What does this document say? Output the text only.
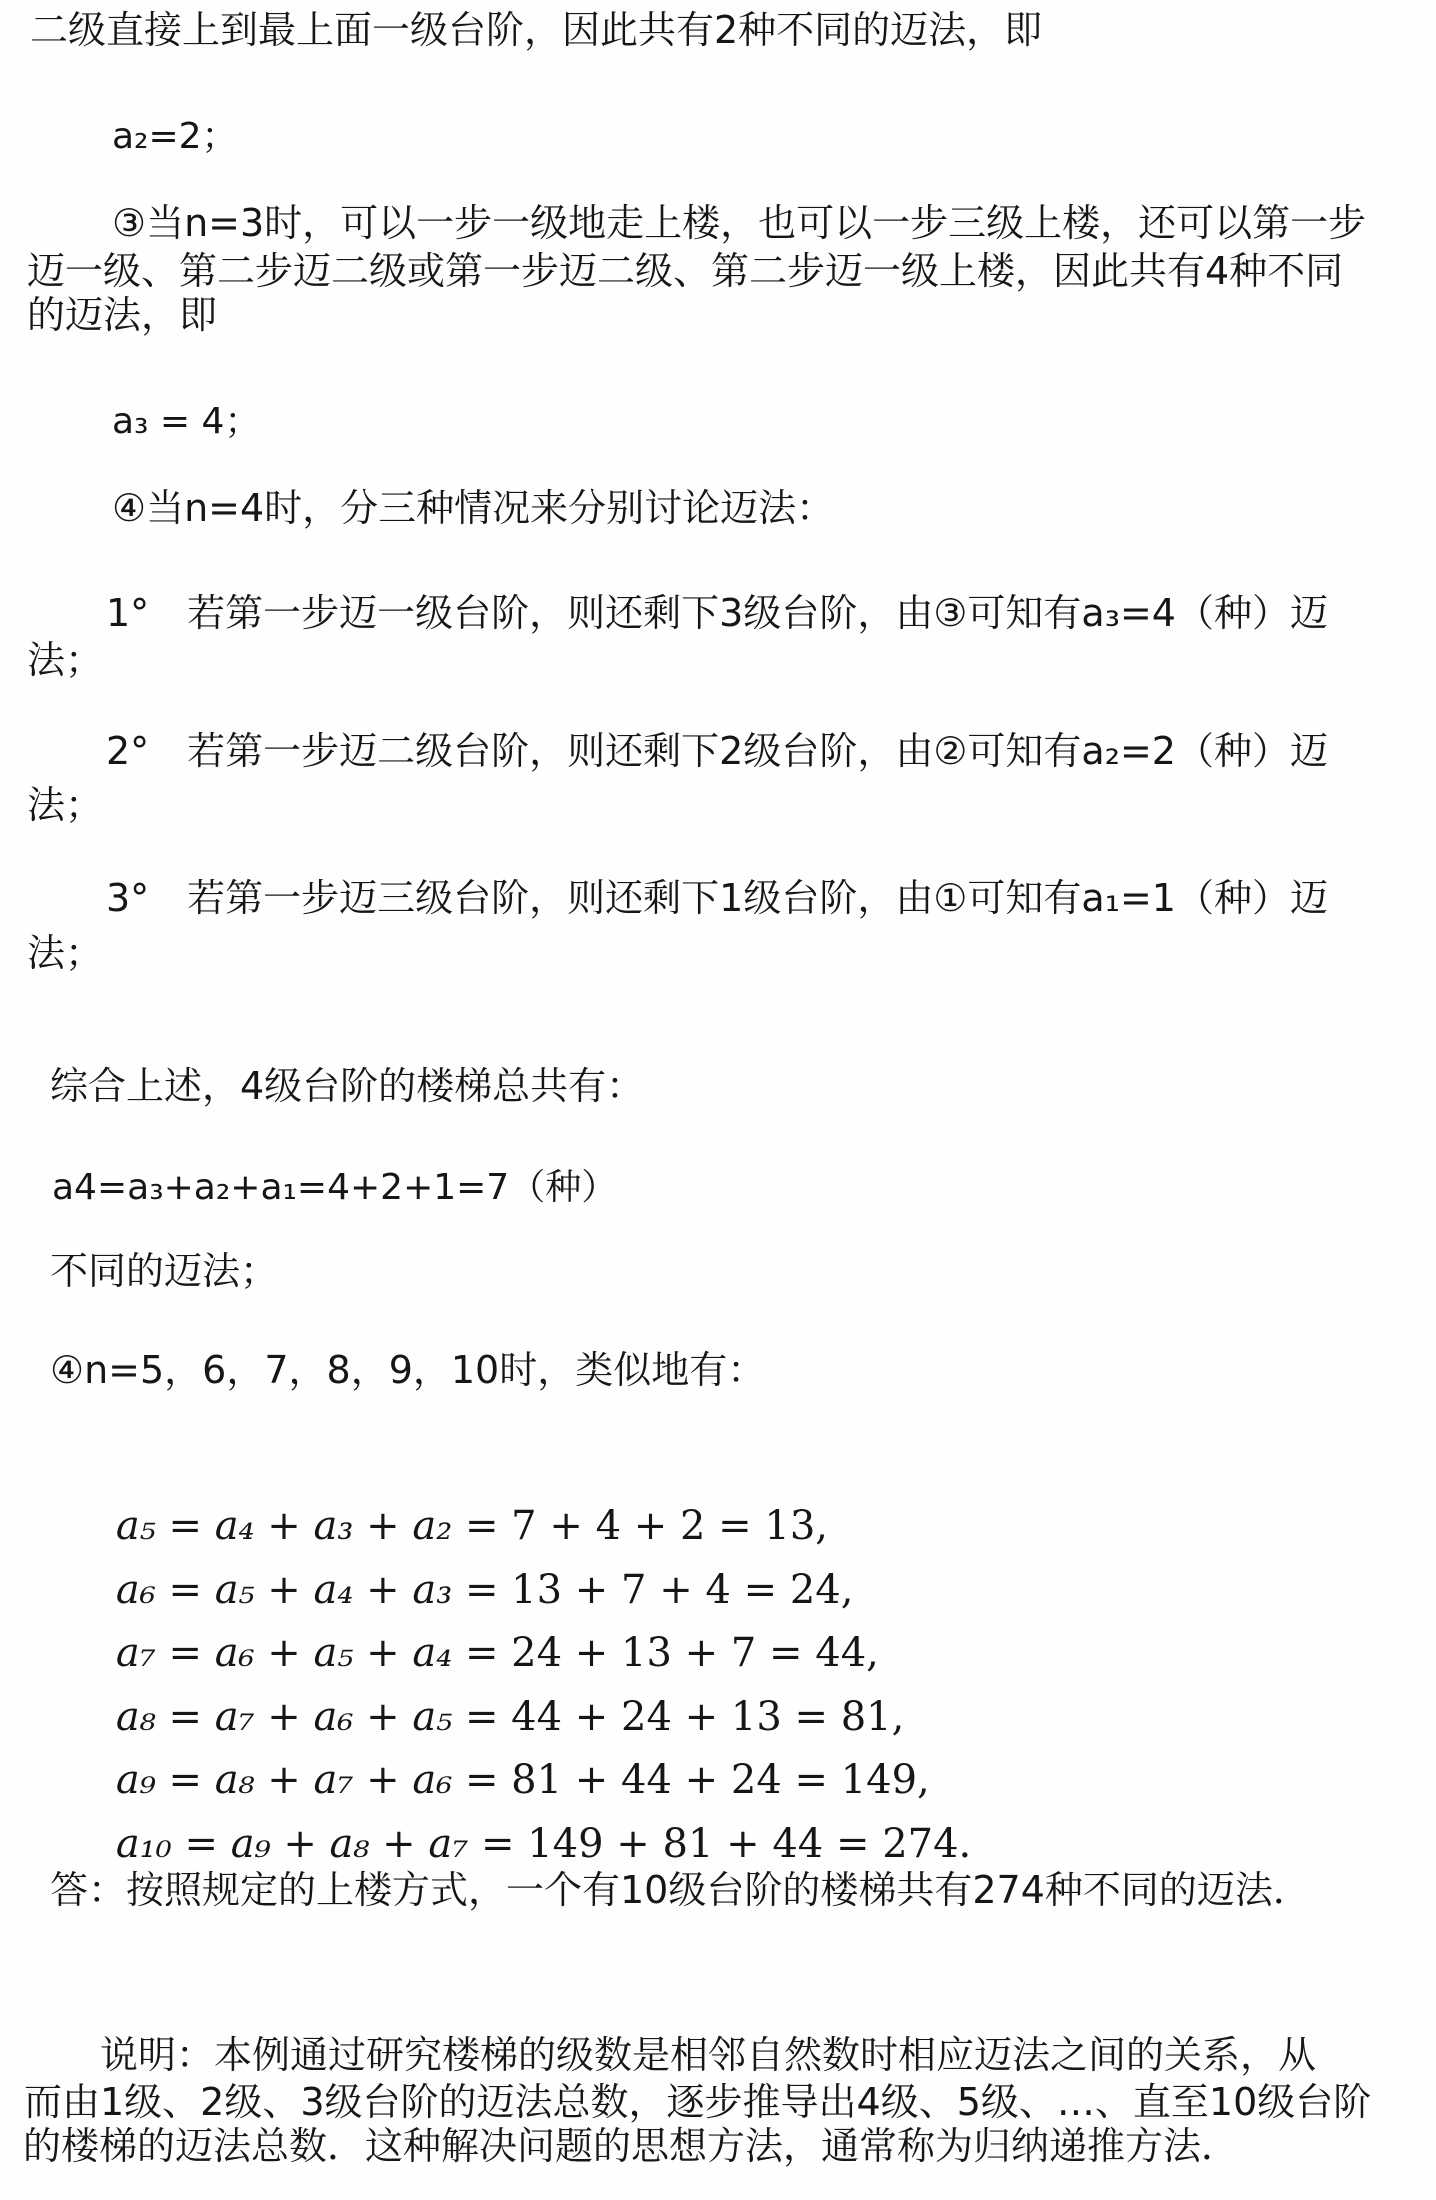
二级直接上到最上面一级台阶，因此共有2种不同的迈法，即
a₂=2；
③当n=3时，可以一步一级地走上楼，也可以一步三级上楼，还可以第一步
迈一级、第二步迈二级或第一步迈二级、第二步迈一级上楼，因此共有4种不同
的迈法，即
a₃ = 4；
④当n=4时，分三种情况来分别讨论迈法：
1°　若第一步迈一级台阶，则还剩下3级台阶，由③可知有a₃=4（种）迈
法；
2°　若第一步迈二级台阶，则还剩下2级台阶，由②可知有a₂=2（种）迈
法；
3°　若第一步迈三级台阶，则还剩下1级台阶，由①可知有a₁=1（种）迈
法；
综合上述，4级台阶的楼梯总共有：
a4=a₃+a₂+a₁=4+2+1=7（种）
不同的迈法；
④n=5，6，7，8，9，10时，类似地有：

a₅ = a₄ + a₃ + a₂ = 7 + 4 + 2 = 13,

a₆ = a₅ + a₄ + a₃ = 13 + 7 + 4 = 24,

a₇ = a₆ + a₅ + a₄ = 24 + 13 + 7 = 44,

a₈ = a₇ + a₆ + a₅ = 44 + 24 + 13 = 81,

a₉ = a₈ + a₇ + a₆ = 81 + 44 + 24 = 149,

a₁₀ = a₉ + a₈ + a₇ = 149 + 81 + 44 = 274.

答：按照规定的上楼方式，一个有10级台阶的楼梯共有274种不同的迈法．
说明：本例通过研究楼梯的级数是相邻自然数时相应迈法之间的关系，从
而由1级、2级、3级台阶的迈法总数，逐步推导出4级、5级、…、直至10级台阶
的楼梯的迈法总数．这种解决问题的思想方法，通常称为归纳递推方法．
